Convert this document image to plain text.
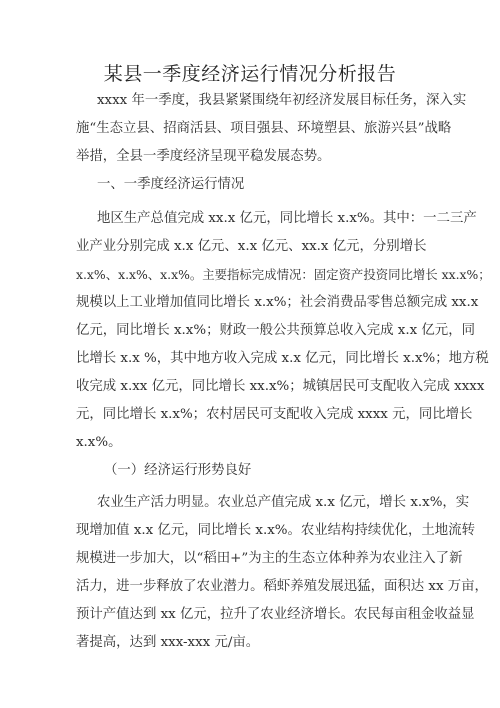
某县一季度经济运行情况分析报告
xxxx 年一季度，我县紧紧围绕年初经济发展目标任务，深入实
施“生态立县、招商活县、项目强县、环境塑县、旅游兴县”战略
举措，全县一季度经济呈现平稳发展态势。
一、一季度经济运行情况
地区生产总值完成 xx.x 亿元，同比增长 x.x%。其中：一二三产
业产业分别完成 x.x 亿元、x.x 亿元、xx.x 亿元，分别增长
x.x%、x.x%、x.x%。主要指标完成情况：固定资产投资同比增长 xx.x%；
规模以上工业增加值同比增长 x.x%；社会消费品零售总额完成 xx.x
亿元，同比增长 x.x%；财政一般公共预算总收入完成 x.x 亿元，同
比增长 x.x %，其中地方收入完成 x.x 亿元，同比增长 x.x%；地方税
收完成 x.xx 亿元，同比增长 xx.x%；城镇居民可支配收入完成 xxxx
元，同比增长 x.x%；农村居民可支配收入完成 xxxx 元，同比增长
x.x%。
（一）经济运行形势良好
农业生产活力明显。农业总产值完成 x.x 亿元，增长 x.x%，实
现增加值 x.x 亿元，同比增长 x.x%。农业结构持续优化，土地流转
规模进一步加大，以“稻田+”为主的生态立体种养为农业注入了新
活力，进一步释放了农业潜力。稻虾养殖发展迅猛，面积达 xx 万亩，
预计产值达到 xx 亿元，拉升了农业经济增长。农民每亩租金收益显
著提高，达到 xxx-xxx 元/亩。
